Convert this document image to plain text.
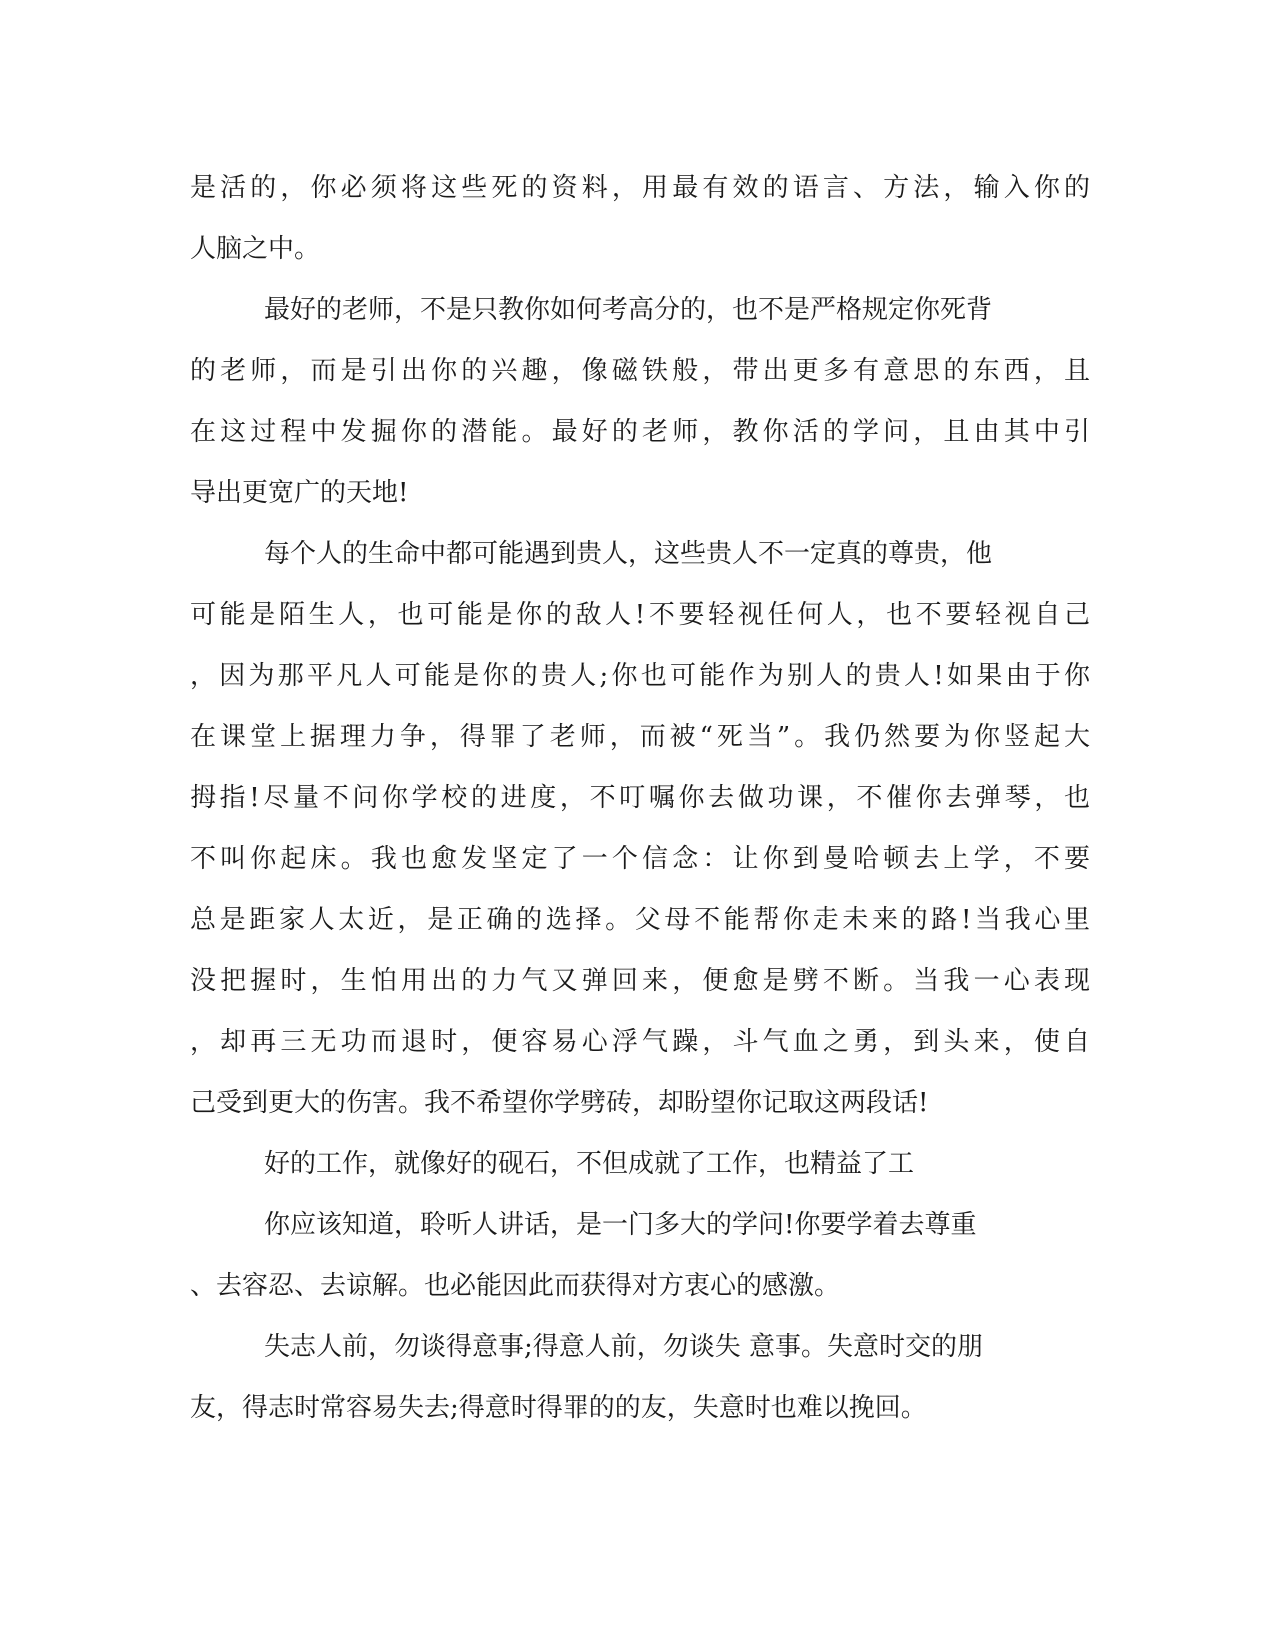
是活的，你必须将这些死的资料，用最有效的语言、方法，输入你的
人脑之中。
最好的老师，不是只教你如何考高分的，也不是严格规定你死背
的老师，而是引出你的兴趣，像磁铁般，带出更多有意思的东西，且
在这过程中发掘你的潜能。最好的老师，教你活的学问，且由其中引
导出更宽广的天地!
每个人的生命中都可能遇到贵人，这些贵人不一定真的尊贵，他
可能是陌生人，也可能是你的敌人!不要轻视任何人，也不要轻视自己
，因为那平凡人可能是你的贵人;你也可能作为别人的贵人!如果由于你
在课堂上据理力争，得罪了老师，而被“死当”。我仍然要为你竖起大
拇指!尽量不问你学校的进度，不叮嘱你去做功课，不催你去弹琴，也
不叫你起床。我也愈发坚定了一个信念：让你到曼哈顿去上学，不要
总是距家人太近，是正确的选择。父母不能帮你走未来的路!当我心里
没把握时，生怕用出的力气又弹回来，便愈是劈不断。当我一心表现
，却再三无功而退时，便容易心浮气躁，斗气血之勇，到头来，使自
己受到更大的伤害。我不希望你学劈砖，却盼望你记取这两段话!
好的工作，就像好的砚石，不但成就了工作，也精益了工
你应该知道，聆听人讲话，是一门多大的学问!你要学着去尊重
、去容忍、去谅解。也必能因此而获得对方衷心的感激。
失志人前，勿谈得意事;得意人前，勿谈失 意事。失意时交的朋
友，得志时常容易失去;得意时得罪的的友，失意时也难以挽回。
